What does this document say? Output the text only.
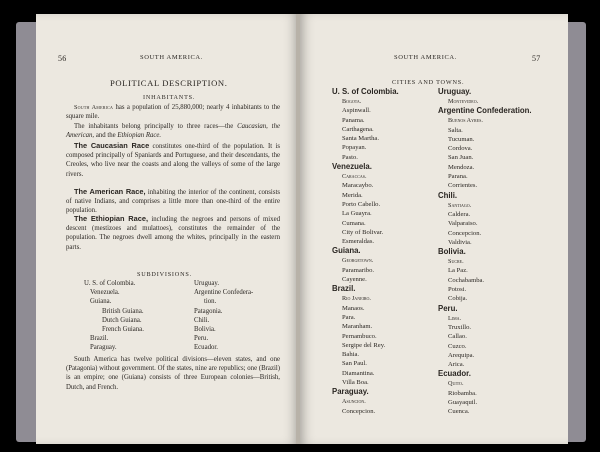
56	SOUTH AMERICA.
POLITICAL DESCRIPTION.
INHABITANTS.
South America has a population of 25,880,000; nearly 4 inhabitants to the square mile.
The inhabitants belong principally to three races—the Caucasian, the American, and the Ethiopian Race.
The Caucasian Race constitutes one-third of the population. It is composed principally of Spaniards and Portuguese, and their descendants, the Creoles, who live near the coasts and along the valleys of some of the large rivers.
The American Race, inhabiting the interior of the continent, consists of native Indians, and comprises a little more than one-third of the entire population.
The Ethiopian Race, including the negroes and persons of mixed descent (mestizoes and mulattoes), constitutes the remainder of the population. The negroes dwell among the whites, principally in the eastern parts.
SUBDIVISIONS.
U. S. of Colombia.
Venezuela.
Guiana.
British Guiana.
Dutch Guiana.
French Guiana.
Brazil.
Paraguay.
Uruguay.
Argentine Confedera-
tion.
Patagonia.
Chili.
Bolivia.
Peru.
Ecuador.
South America has twelve political divisions—eleven states, and one (Patagonia) without government. Of the states, nine are republics; one (Brazil) is an empire; one (Guiana) consists of three European colonies—British, Dutch, and French.
SOUTH AMERICA.	57
CITIES AND TOWNS.
U. S. of Colombia.
Bogota.
Aspinwall.
Panama.
Carthagena.
Santa Martha.
Popayan.
Pasto.
Venezuela.
Caraccas.
Maracaybo.
Merida.
Porto Cabello.
La Guayra.
Cumana.
City of Bolivar.
Esmeraldas.
Guiana.
Georgetown.
Paramaribo.
Cayenne.
Brazil.
Rio Janeiro.
Manaos.
Para.
Maranham.
Pernambuco.
Sergipe del Rey.
Bahia.
San Paul.
Diamantina.
Villa Boa.
Paraguay.
Asuncion.
Concepcion.
Uruguay.
Montevideo.
Argentine Confederation.
Buenos Ayres.
Salta.
Tucuman.
Cordova.
San Juan.
Mendoza.
Parana.
Corrientes.
Chili.
Santiago.
Caldera.
Valparaiso.
Concepcion.
Valdivia.
Bolivia.
Sucre.
La Paz.
Cochabamba.
Potosi.
Cobija.
Peru.
Lima.
Truxillo.
Callao.
Cuzco.
Arequipa.
Arica.
Ecuador.
Quito.
Riobamba.
Guayaquil.
Cuenca.
